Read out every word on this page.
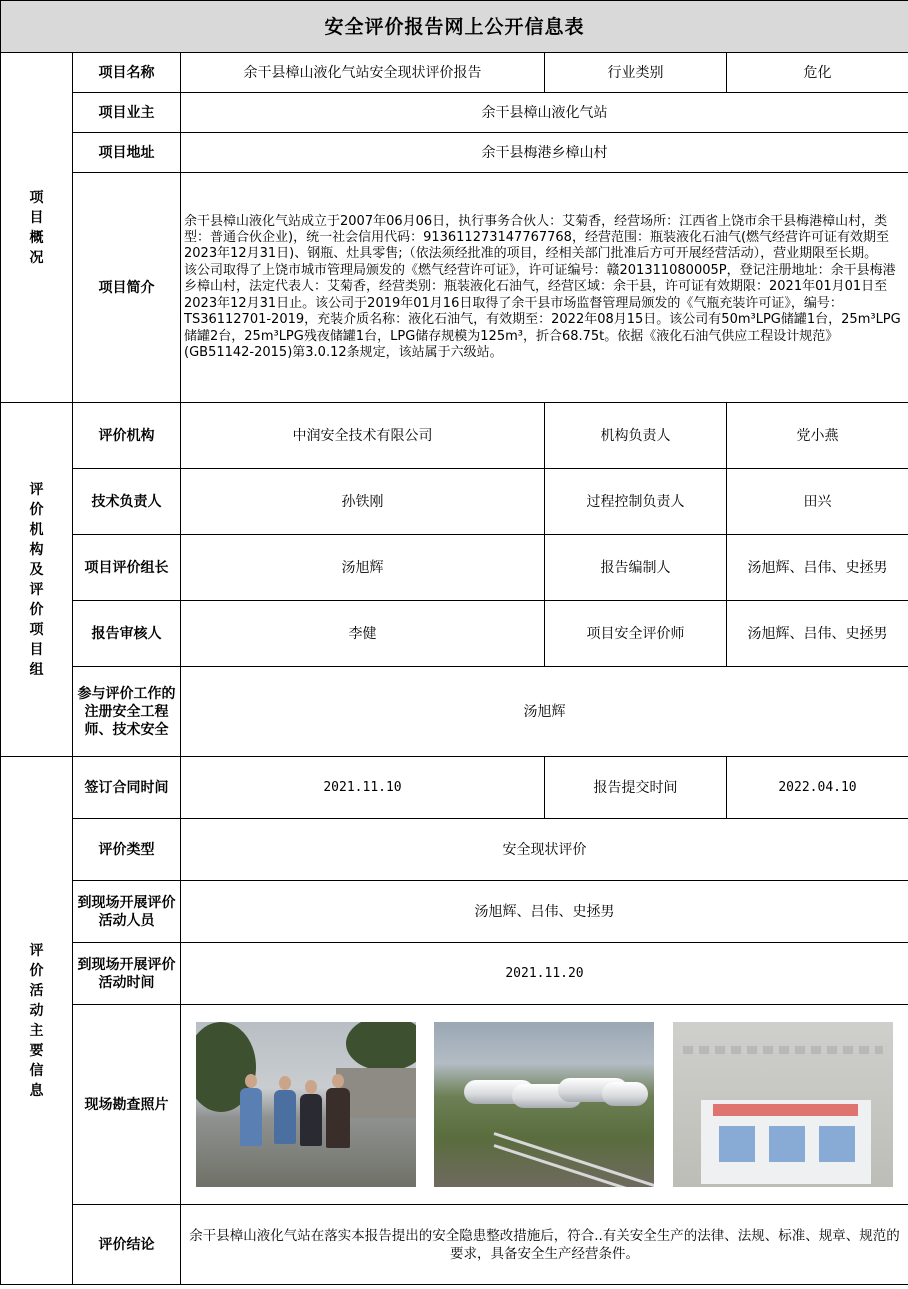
安全评价报告网上公开信息表				
项目概况	项目名称	余干县樟山液化气站安全现状评价报告	行业类别	危化
	项目业主	余干县樟山液化气站		
	项目地址	余干县梅港乡樟山村		
	项目简介	余干县樟山液化气站成立于2007年06月06日，执行事务合伙人：艾菊香，经营场所：江西省上饶市余干县梅港樟山村，类型：普通合伙企业)，统一社会信用代码：91361127314776776​8，经营范围：瓶装液化石油气(燃气经营许可证有效期至2023年12月31日)、钢瓶、灶具零售;（依法须经批准的项目，经相关部门批准后方可开展经营活动），营业期限至长期。
该公司取得了上饶市城市管理局颁发的《燃气经营许可证》，许可证编号：赣201311080005P，登记注册地址：余干县梅港乡樟山村，法定代表人：艾菊香，经营类别：瓶装液化石油气，经营区域：余干县，许可证有效期限：2021年01月01日至2023年12月31日止。该公司于2019年01月16日取得了余干县市场监督管理局颁发的《气瓶充装许可证》，编号：TS36112701-2019，充装介质名称：液化石油气，有效期至：2022年08月15日。该公司有50m³LPG储罐1台，25m³LPG储罐2台，25m³LPG残夜储罐1台，LPG储存规模为125m³，折合68.75t。依据《液化石油气供应工程设计规范》(GB51142-2015)第3.0.12条规定，该站属于六级站。		

评价机构及评价项目组	评价机构	中润安全技术有限公司	机构负责人	党小燕
	技术负责人	孙铁刚	过程控制负责人	田兴
	项目评价组长	汤旭辉	报告编制人	汤旭辉、吕伟、史拯男
	报告审核人	李健	项目安全评价师	汤旭辉、吕伟、史拯男
	参与评价工作的注册安全工程师、技术安全	汤旭辉		
评价活动主要信息	签订合同时间	2021.11.10	报告提交时间	2022.04.10
	评价类型	安全现状评价		
	到现场开展评价活动人员	汤旭辉、吕伟、史拯男		
	到现场开展评价活动时间	2021.11.20		
	现场勘查照片			

	评价结论	余干县樟山液化气站在落实本报告提出的安全隐患整改措施后，符合..有关安全生产的法律、法规、标准、规章、规范的要求，具备安全生产经营条件。		
